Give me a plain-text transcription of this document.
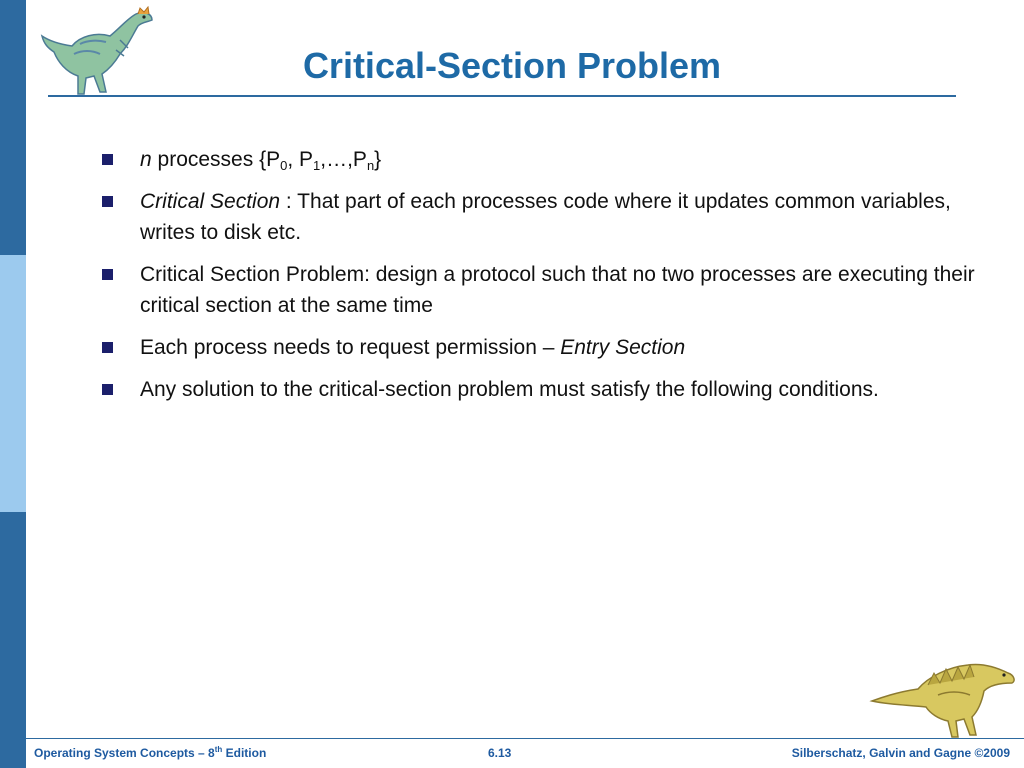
Critical-Section Problem
n processes {$P_0$, $P_1,\dots,P_n$}
Critical Section : That part of each processes code where it updates common variables, writes to disk etc.
Critical Section Problem: design a protocol such that no two processes are executing their critical section at the same time
Each process needs to request permission – Entry Section
Any solution to the critical-section problem must satisfy the following conditions.
Operating System Concepts – 8th Edition	6.13	Silberschatz, Galvin and Gagne ©2009
